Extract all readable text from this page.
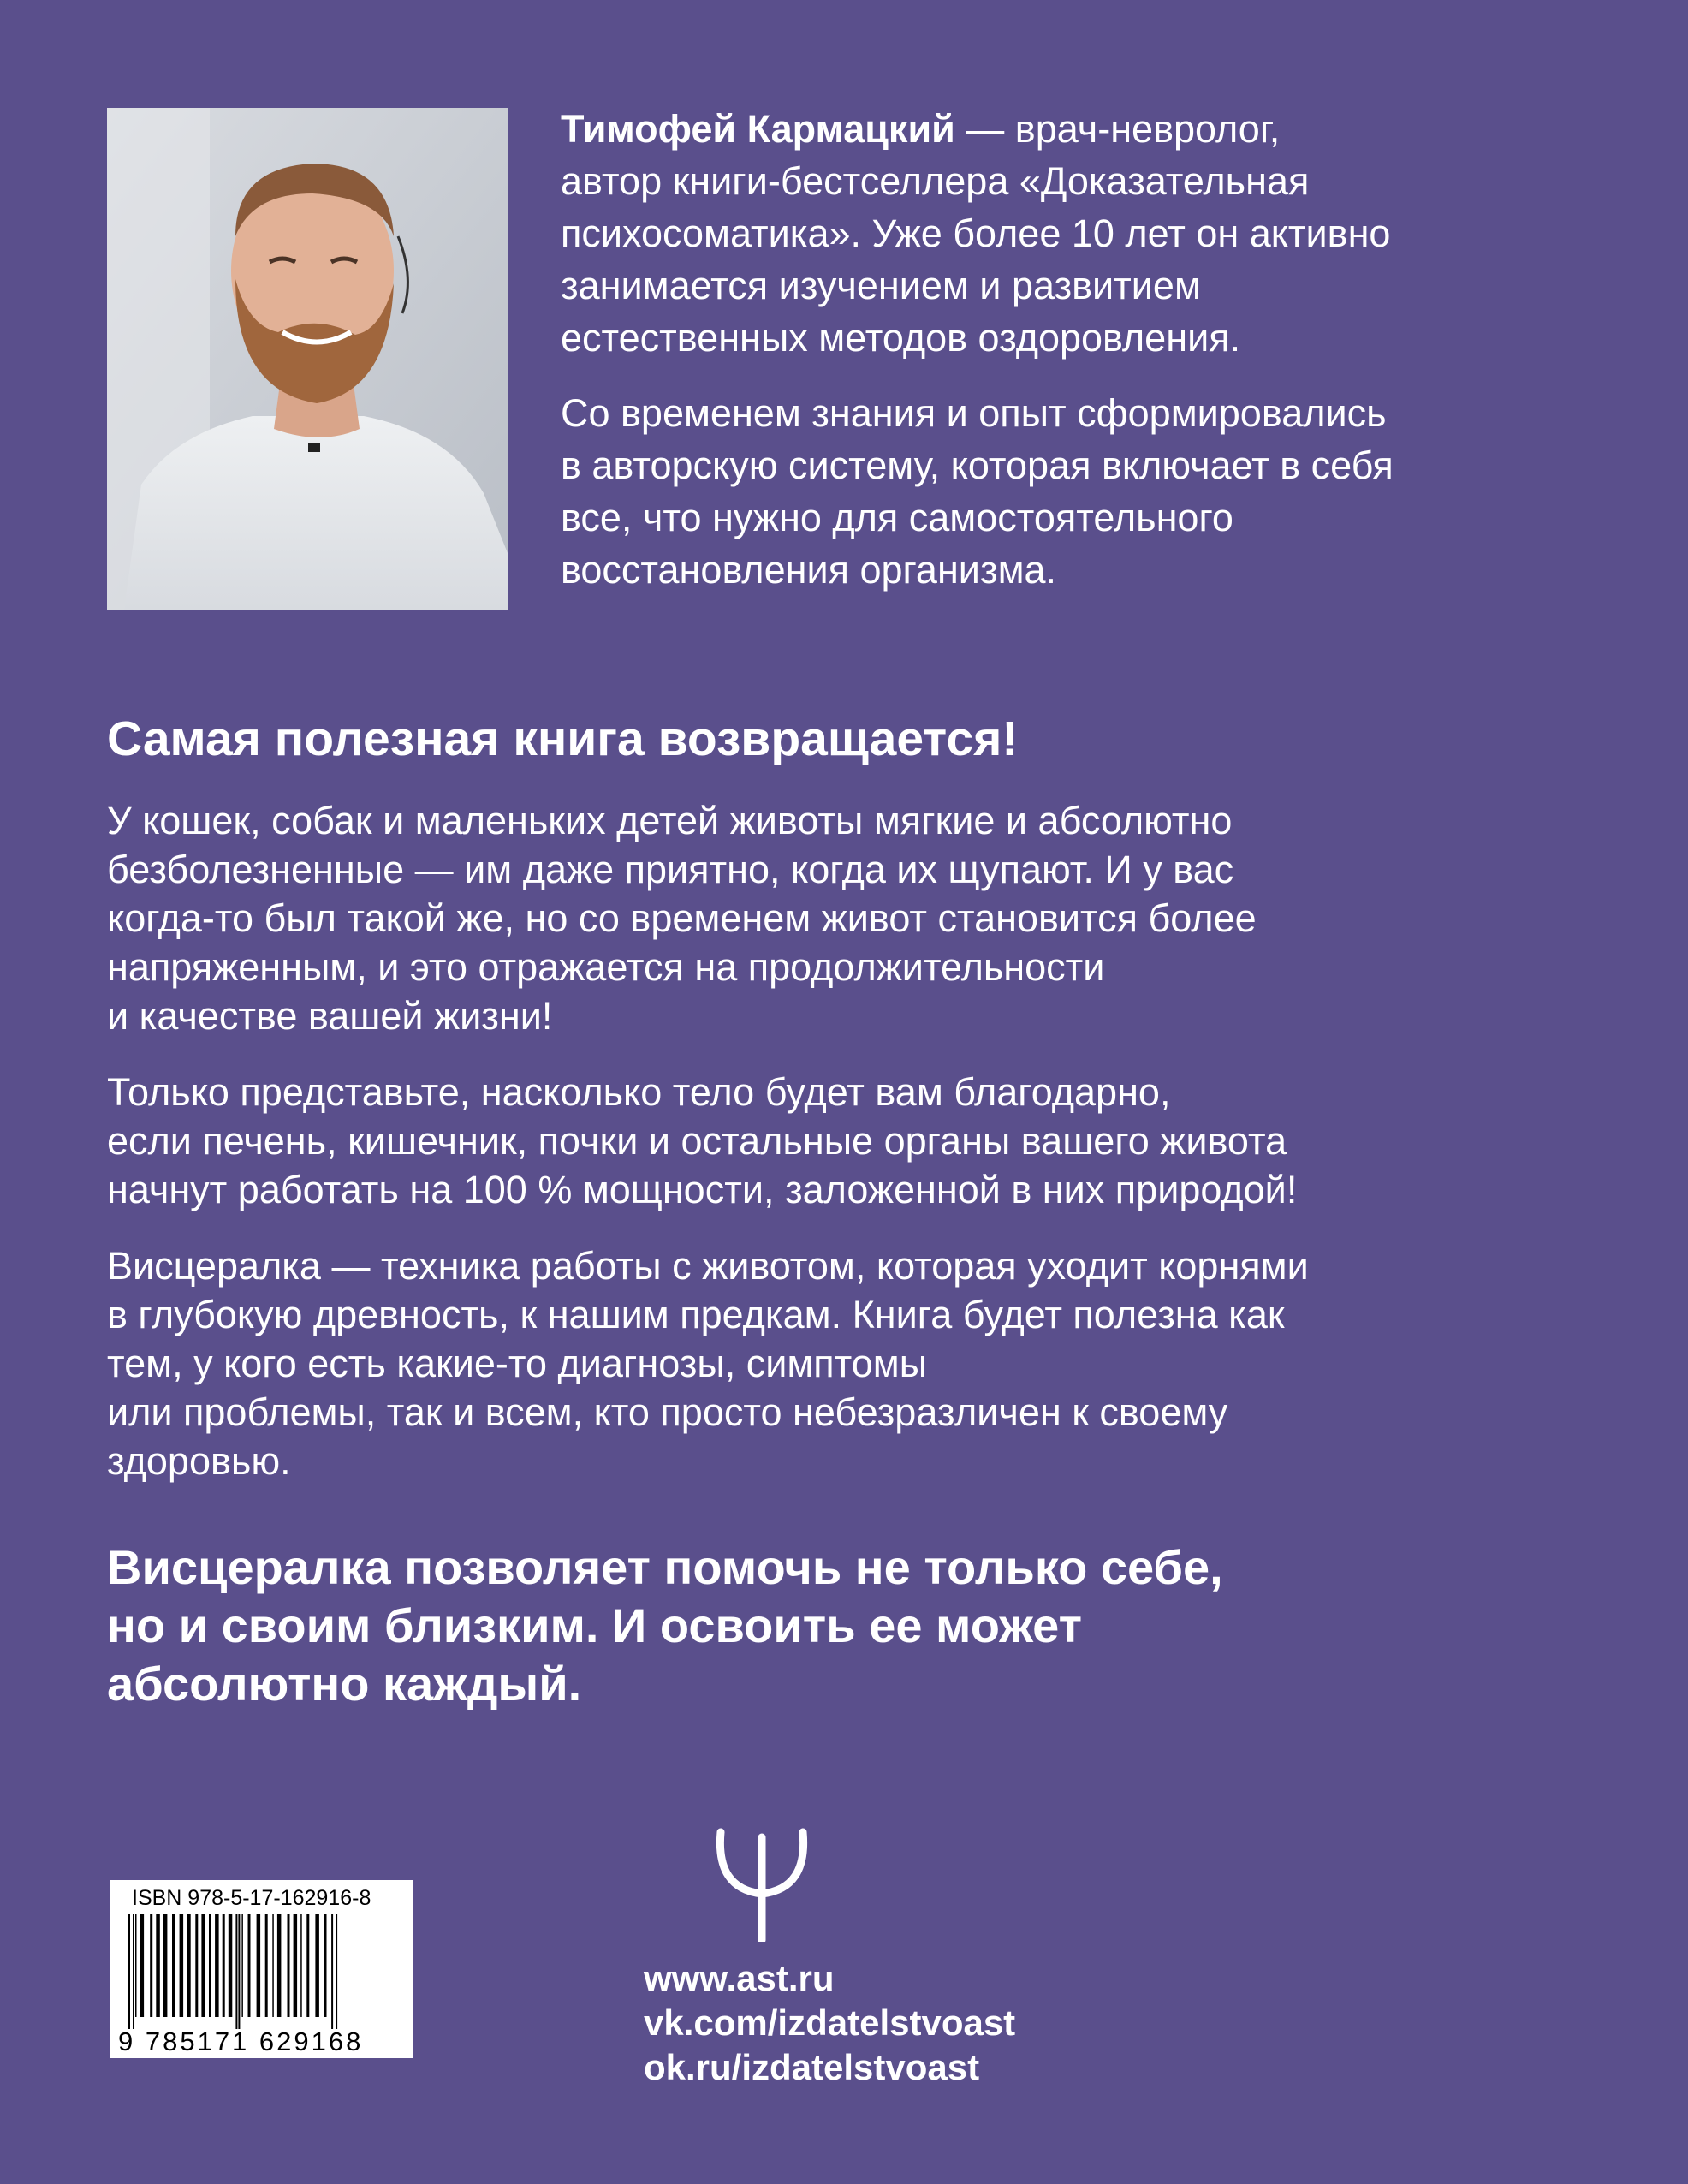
Тимофей Кармацкий — врач-невролог,
автор книги-бестселлера «Доказательная
психосоматика». Уже более 10 лет он активно
занимается изучением и развитием
естественных методов оздоровления.

Со временем знания и опыт сформировались
в авторскую систему, которая включает в себя
все, что нужно для самостоятельного
восстановления организма.

Самая полезная книга возвращается!
У кошек, собак и маленьких детей животы мягкие и абсолютно
безболезненные — им даже приятно, когда их щупают. И у вас
когда-то был такой же, но со временем живот становится более
напряженным, и это отражается на продолжительности
и качестве вашей жизни!
Только представьте, насколько тело будет вам благодарно,
если печень, кишечник, почки и остальные органы вашего живота
начнут работать на 100 % мощности, заложенной в них природой!
Висцералка — техника работы с животом, которая уходит корнями
в глубокую древность, к нашим предкам. Книга будет полезна как
тем, у кого есть какие-то диагнозы, симптомы
или проблемы, так и всем, кто просто небезразличен к своему
здоровью.
Висцералка позволяет помочь не только себе,
но и своим близким. И освоить ее может
абсолютно каждый.
ISBN 978-5-17-162916-8
9 785171 629168
www.ast.ru
vk.com/izdatelstvoast
ok.ru/izdatelstvoast
